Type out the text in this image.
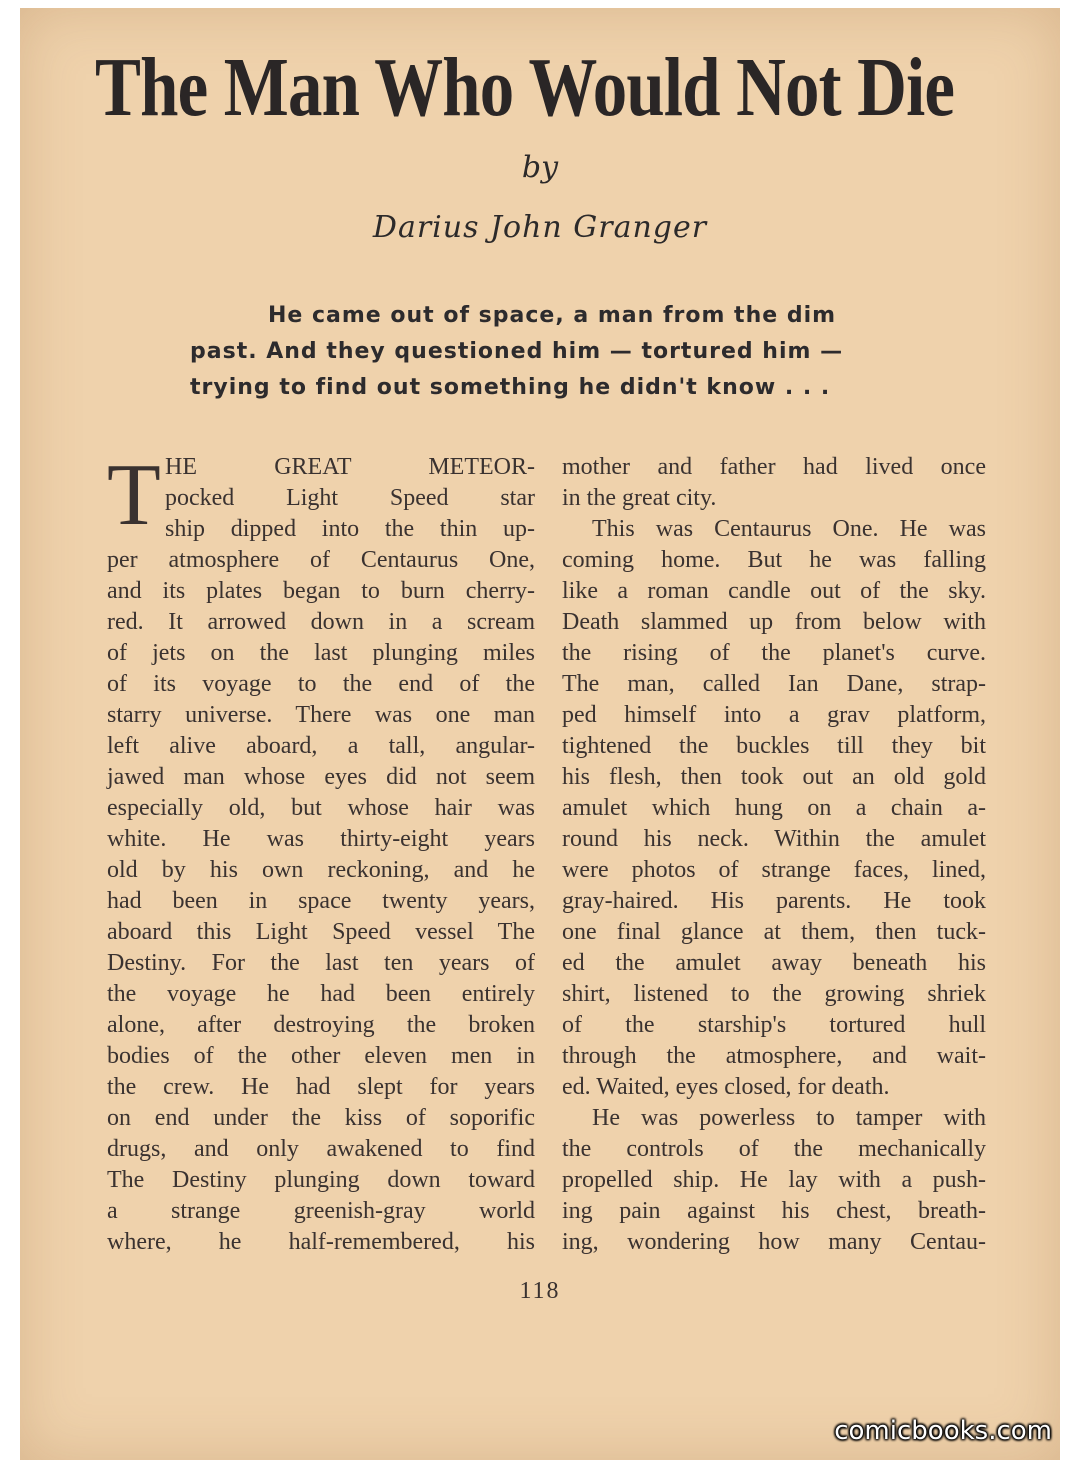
The Man Who Would Not Die
by
Darius John Granger
He came out of space, a man from the dim
past. And they questioned him — tortured him —
trying to find out something he didn't know . . .
T HE GREAT METEOR-
pocked Light Speed star
ship dipped into the thin up-
per atmosphere of Centaurus One,
and its plates began to burn cherry-
red. It arrowed down in a scream
of jets on the last plunging miles
of its voyage to the end of the
starry universe. There was one man
left alive aboard, a tall, angular-
jawed man whose eyes did not seem
especially old, but whose hair was
white. He was thirty-eight years
old by his own reckoning, and he
had been in space twenty years,
aboard this Light Speed vessel The
Destiny. For the last ten years of
the voyage he had been entirely
alone, after destroying the broken
bodies of the other eleven men in
the crew. He had slept for years
on end under the kiss of soporific
drugs, and only awakened to find
The Destiny plunging down toward
a strange greenish-gray world
where, he half-remembered, his
mother and father had lived once
in the great city.
This was Centaurus One. He was
coming home. But he was falling
like a roman candle out of the sky.
Death slammed up from below with
the rising of the planet's curve.
The man, called Ian Dane, strap-
ped himself into a grav platform,
tightened the buckles till they bit
his flesh, then took out an old gold
amulet which hung on a chain a-
round his neck. Within the amulet
were photos of strange faces, lined,
gray-haired. His parents. He took
one final glance at them, then tuck-
ed the amulet away beneath his
shirt, listened to the growing shriek
of the starship's tortured hull
through the atmosphere, and wait-
ed. Waited, eyes closed, for death.
He was powerless to tamper with
the controls of the mechanically
propelled ship. He lay with a push-
ing pain against his chest, breath-
ing, wondering how many Centau-
118
comicbooks.com
